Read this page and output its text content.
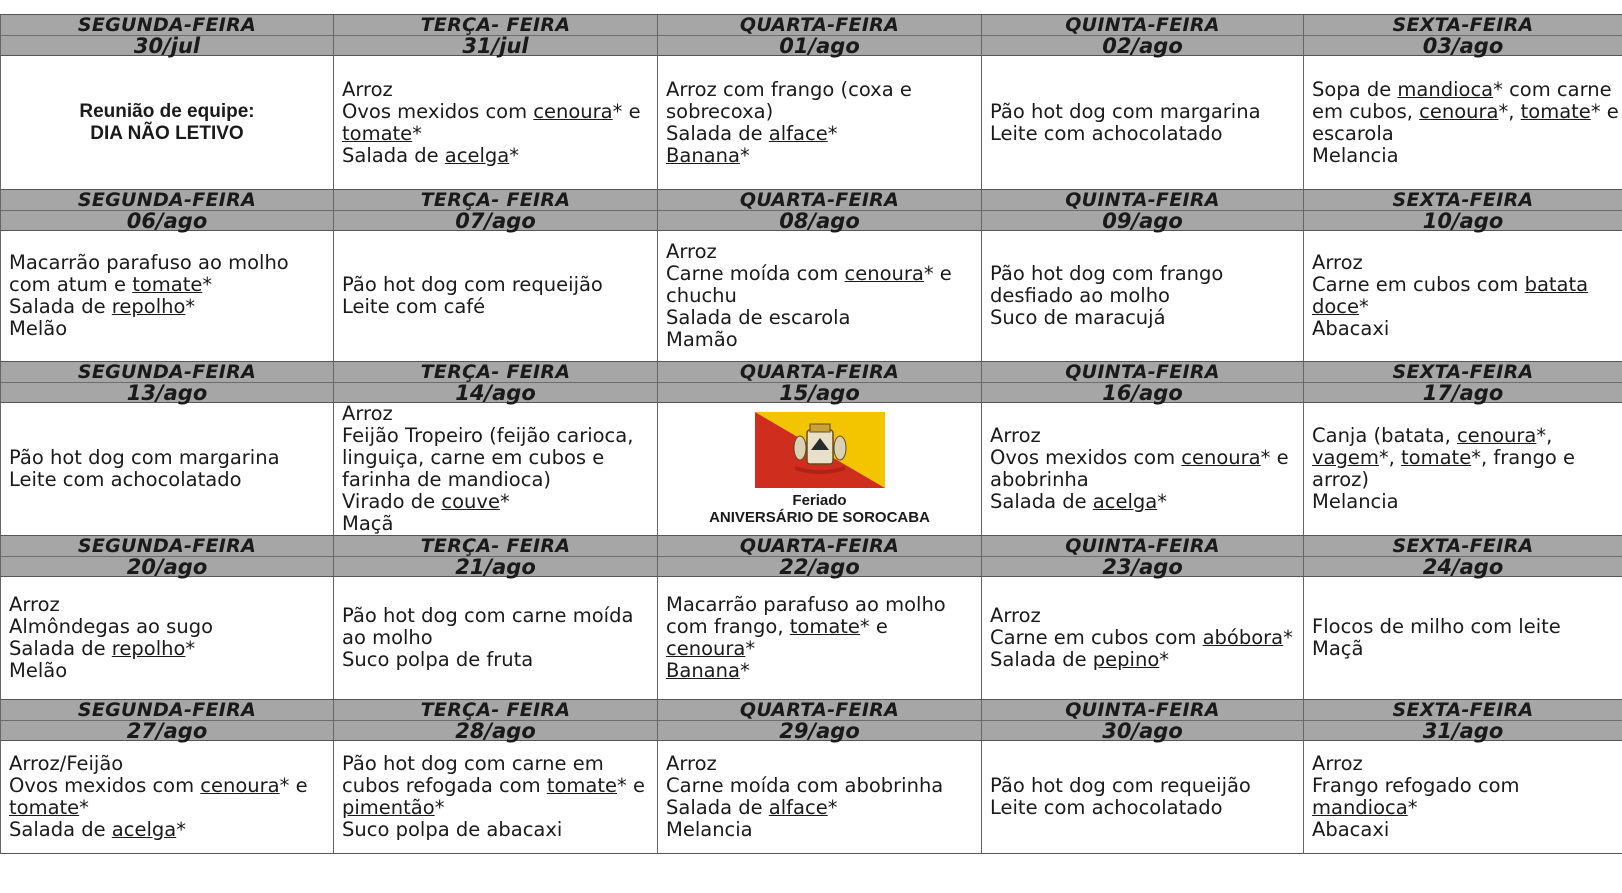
SEGUNDA-FEIRA
30/jul
TERÇA- FEIRA
31/jul
QUARTA-FEIRA
01/ago
QUINTA-FEIRA
02/ago
SEXTA-FEIRA
03/ago
Reunião de equipe:
DIA NÃO LETIVO
Arroz
Ovos mexidos com cenoura* e
tomate*
Salada de acelga*
Arroz com frango (coxa e
sobrecoxa)
Salada de alface*
Banana*
Pão hot dog com margarina
Leite com achocolatado
Sopa de mandioca* com carne
em cubos, cenoura*, tomate* e
escarola
Melancia
SEGUNDA-FEIRA
06/ago
TERÇA- FEIRA
07/ago
QUARTA-FEIRA
08/ago
QUINTA-FEIRA
09/ago
SEXTA-FEIRA
10/ago
Macarrão parafuso ao molho
com atum e tomate*
Salada de repolho*
Melão
Pão hot dog com requeijão
Leite com café
Arroz
Carne moída com cenoura* e
chuchu
Salada de escarola
Mamão
Pão hot dog com frango
desfiado ao molho
Suco de maracujá
Arroz
Carne em cubos com batata
doce*
Abacaxi
SEGUNDA-FEIRA
13/ago
TERÇA- FEIRA
14/ago
QUARTA-FEIRA
15/ago
QUINTA-FEIRA
16/ago
SEXTA-FEIRA
17/ago
Pão hot dog com margarina
Leite com achocolatado
Arroz
Feijão Tropeiro (feijão carioca,
linguiça, carne em cubos e
farinha de mandioca)
Virado de couve*
Maçã
Feriado
ANIVERSÁRIO DE SOROCABA
Arroz
Ovos mexidos com cenoura* e
abobrinha
Salada de acelga*
Canja (batata, cenoura*,
vagem*, tomate*, frango e
arroz)
Melancia
SEGUNDA-FEIRA
20/ago
TERÇA- FEIRA
21/ago
QUARTA-FEIRA
22/ago
QUINTA-FEIRA
23/ago
SEXTA-FEIRA
24/ago
Arroz
Almôndegas ao sugo
Salada de repolho*
Melão
Pão hot dog com carne moída
ao molho
Suco polpa de fruta
Macarrão parafuso ao molho
com frango, tomate* e
cenoura*
Banana*
Arroz
Carne em cubos com abóbora*
Salada de pepino*
Flocos de milho com leite
Maçã
SEGUNDA-FEIRA
27/ago
TERÇA- FEIRA
28/ago
QUARTA-FEIRA
29/ago
QUINTA-FEIRA
30/ago
SEXTA-FEIRA
31/ago
Arroz/Feijão
Ovos mexidos com cenoura* e
tomate*
Salada de acelga*
Pão hot dog com carne em
cubos refogada com tomate* e
pimentão*
Suco polpa de abacaxi
Arroz
Carne moída com abobrinha
Salada de alface*
Melancia
Pão hot dog com requeijão
Leite com achocolatado
Arroz
Frango refogado com
mandioca*
Abacaxi
